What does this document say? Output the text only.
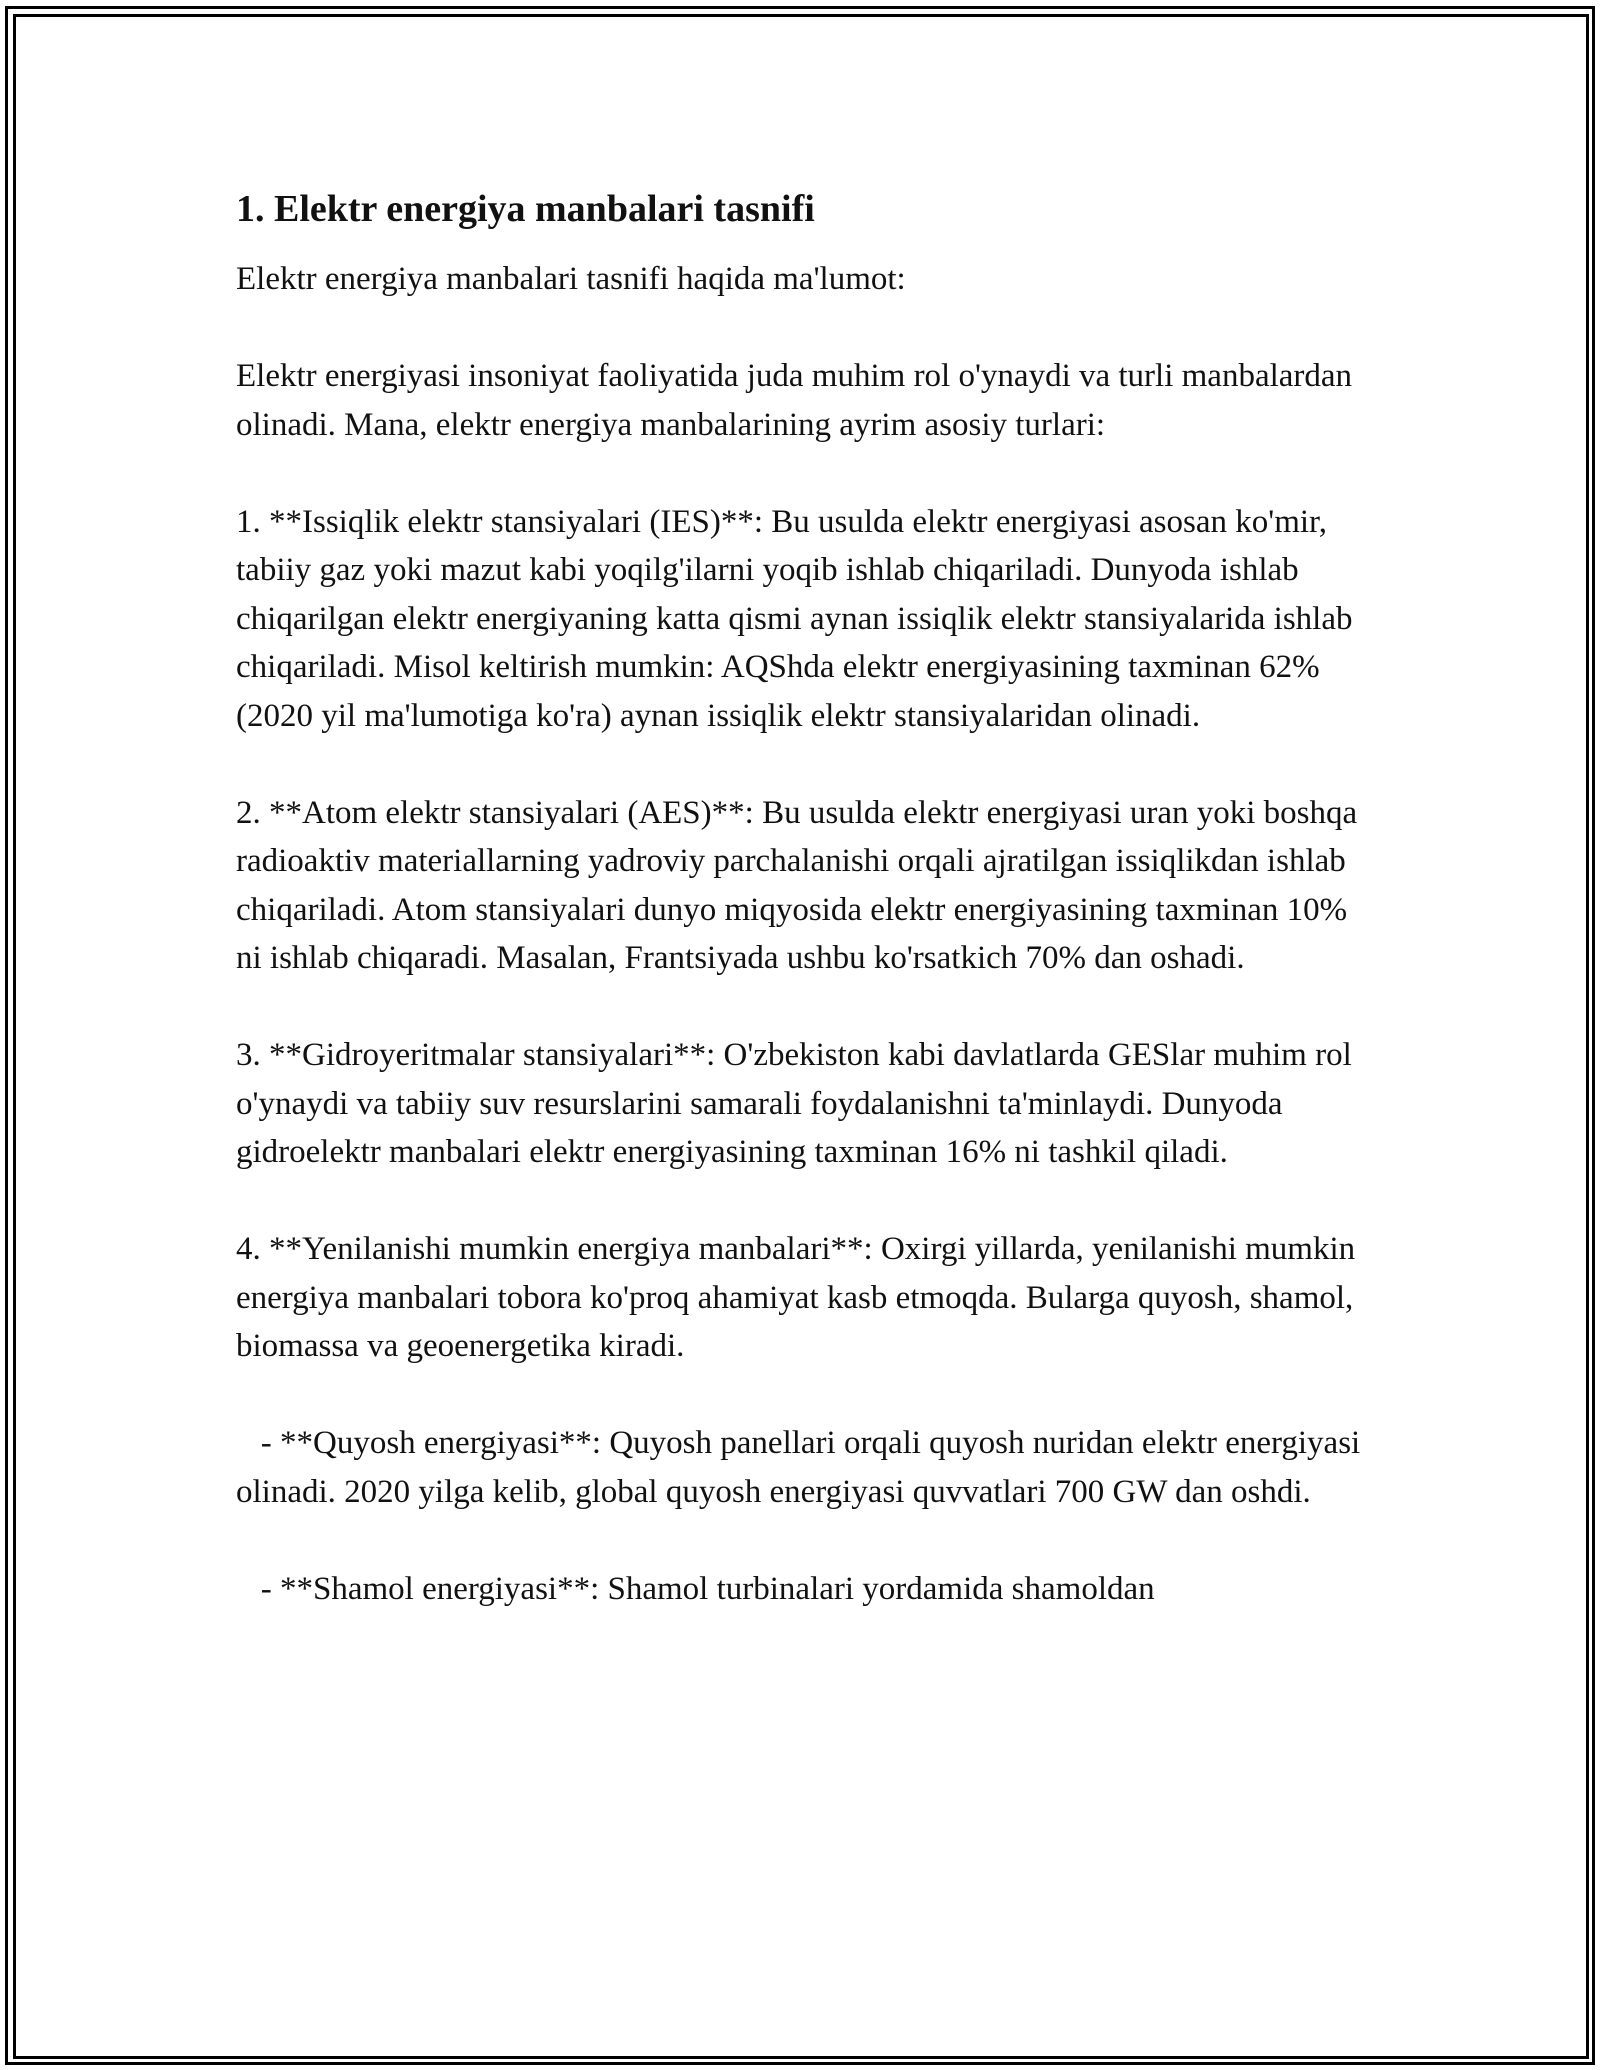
1. Elektr energiya manbalari tasnifi
Elektr energiya manbalari tasnifi haqida ma'lumot:
Elektr energiyasi insoniyat faoliyatida juda muhim rol o'ynaydi va turli manbalardan olinadi. Mana, elektr energiya manbalarining ayrim asosiy turlari:
1. **Issiqlik elektr stansiyalari (IES)**: Bu usulda elektr energiyasi asosan ko'mir, tabiiy gaz yoki mazut kabi yoqilg'ilarni yoqib ishlab chiqariladi. Dunyoda ishlab chiqarilgan elektr energiyaning katta qismi aynan issiqlik elektr stansiyalarida ishlab chiqariladi. Misol keltirish mumkin: AQShda elektr energiyasining taxminan 62% (2020 yil ma'lumotiga ko'ra) aynan issiqlik elektr stansiyalaridan olinadi.
2. **Atom elektr stansiyalari (AES)**: Bu usulda elektr energiyasi uran yoki boshqa radioaktiv materiallarning yadroviy parchalanishi orqali ajratilgan issiqlikdan ishlab chiqariladi. Atom stansiyalari dunyo miqyosida elektr energiyasining taxminan 10% ni ishlab chiqaradi. Masalan, Frantsiyada ushbu ko'rsatkich 70% dan oshadi.
3. **Gidroyeritmalar stansiyalari**: O'zbekiston kabi davlatlarda GESlar muhim rol o'ynaydi va tabiiy suv resurslarini samarali foydalanishni ta'minlaydi. Dunyoda gidroelektr manbalari elektr energiyasining taxminan 16% ni tashkil qiladi.
4. **Yenilanishi mumkin energiya manbalari**: Oxirgi yillarda, yenilanishi mumkin energiya manbalari tobora ko'proq ahamiyat kasb etmoqda. Bularga quyosh, shamol, biomassa va geoenergetika kiradi.
- **Quyosh energiyasi**: Quyosh panellari orqali quyosh nuridan elektr energiyasi olinadi. 2020 yilga kelib, global quyosh energiyasi quvvatlari 700 GW dan oshdi.
- **Shamol energiyasi**: Shamol turbinalari yordamida shamoldan
